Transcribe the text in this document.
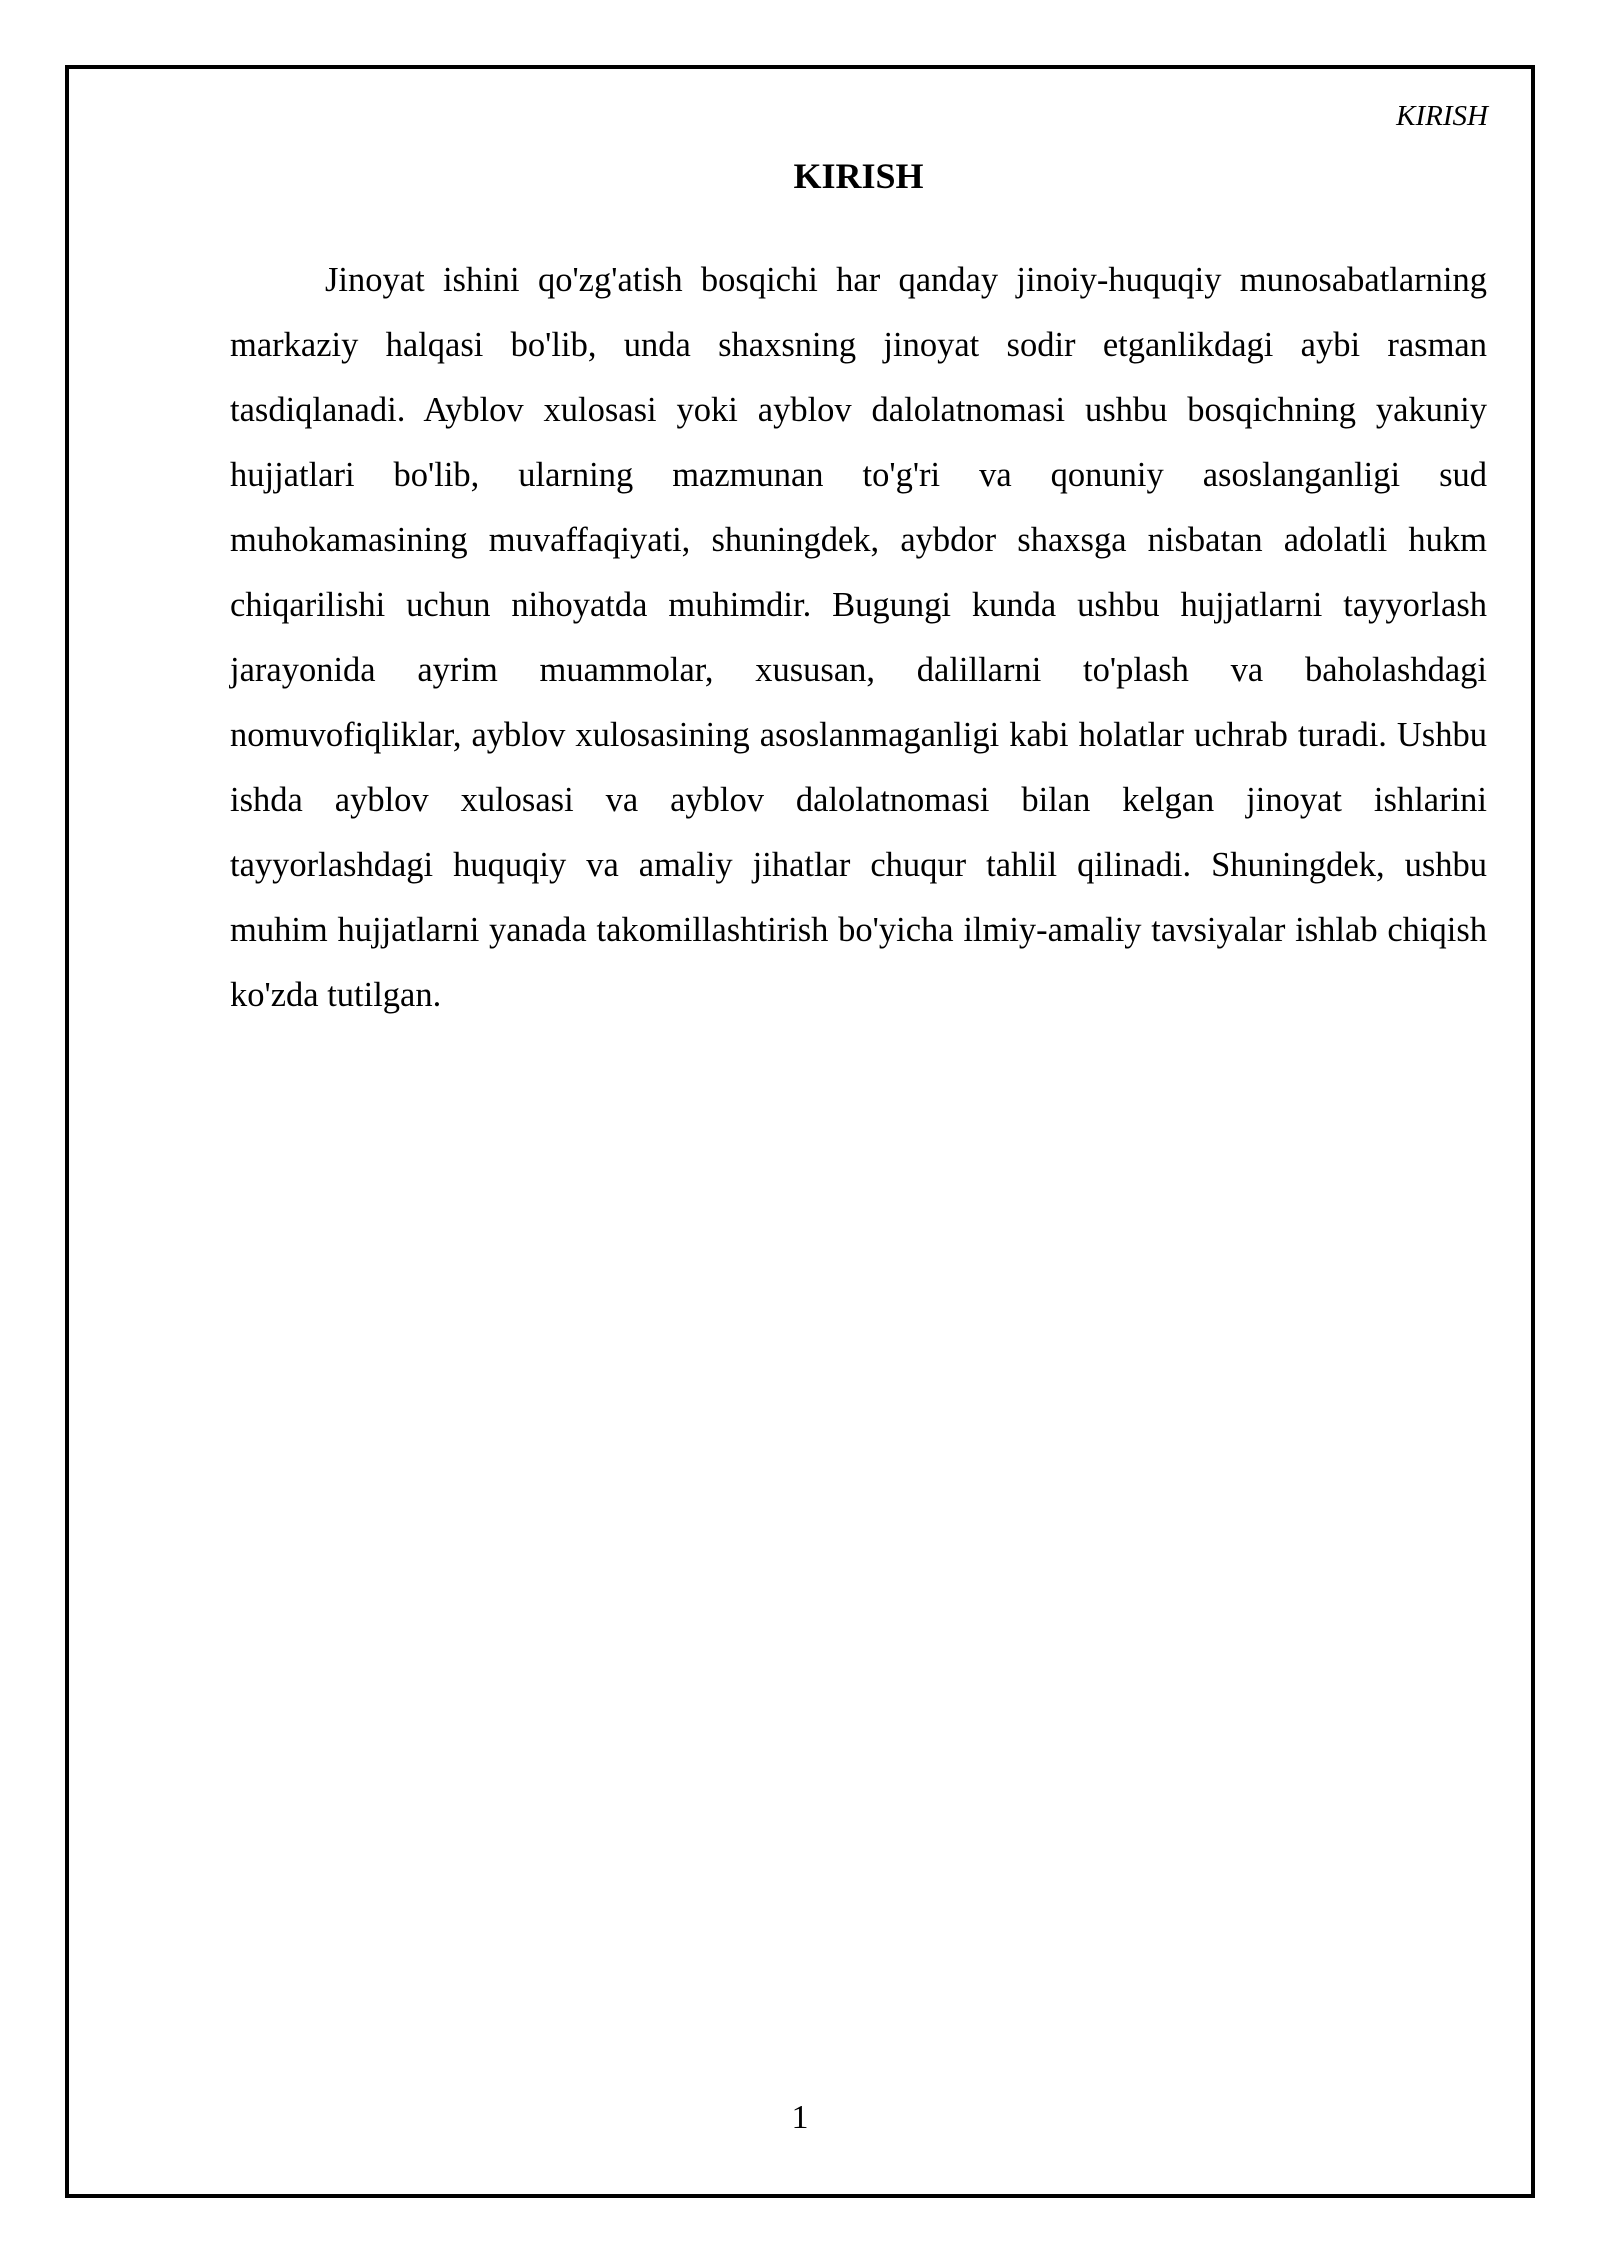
KIRISH
KIRISH

Jinoyat ishini qo'zg'atish bosqichi har qanday jinoiy-huquqiy munosabatlarning markaziy halqasi bo'lib, unda shaxsning jinoyat sodir etganlikdagi aybi rasman tasdiqlanadi. Ayblov xulosasi yoki ayblov dalolatnomasi ushbu bosqichning yakuniy hujjatlari bo'lib, ularning mazmunan to'g'ri va qonuniy asoslanganligi sud muhokamasining muvaffaqiyati, shuningdek, aybdor shaxsga nisbatan adolatli hukm chiqarilishi uchun nihoyatda muhimdir. Bugungi kunda ushbu hujjatlarni tayyorlash jarayonida ayrim muammolar, xususan, dalillarni to'plash va baholashdagi nomuvofiqliklar, ayblov xulosasining asoslanmaganligi kabi holatlar uchrab turadi. Ushbu ishda ayblov xulosasi va ayblov dalolatnomasi bilan kelgan jinoyat ishlarini tayyorlashdagi huquqiy va amaliy jihatlar chuqur tahlil qilinadi. Shuningdek, ushbu muhim hujjatlarni yanada takomillashtirish bo'yicha ilmiy-amaliy tavsiyalar ishlab chiqish ko'zda tutilgan.

1
